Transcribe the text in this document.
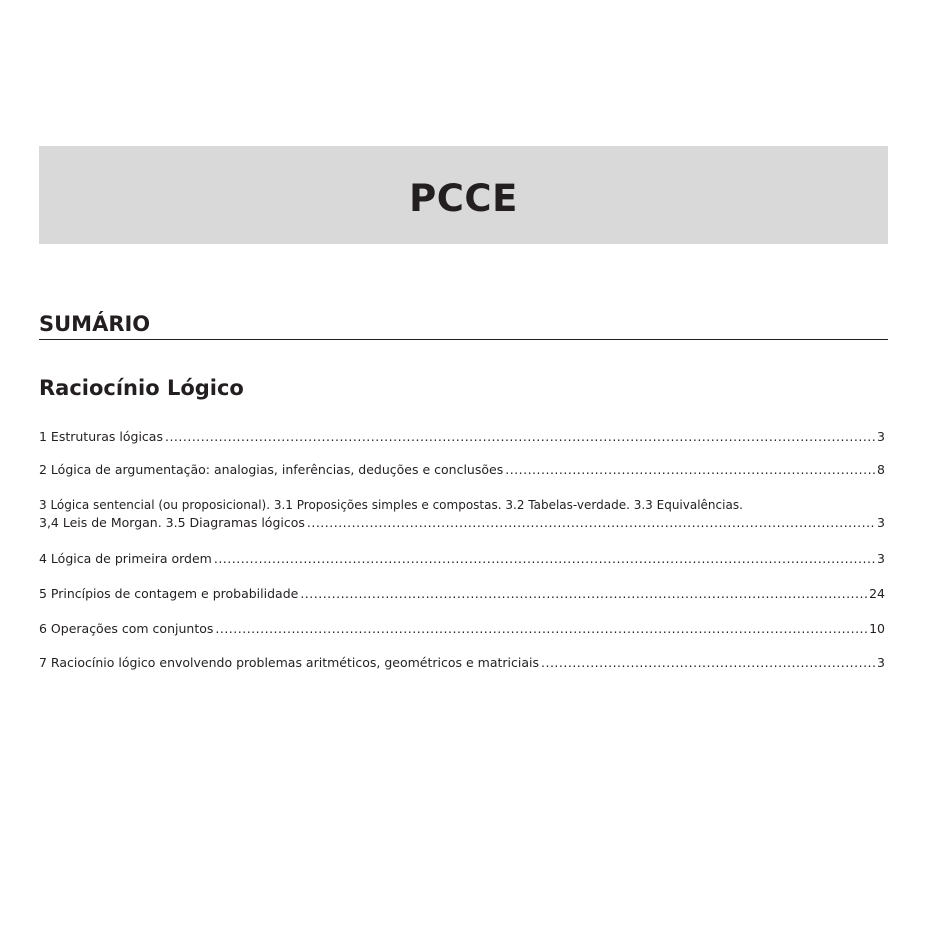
PCCE
SUMÁRIO
Raciocínio Lógico
1 Estruturas lógicas .....	3
2 Lógica de argumentação: analogias, inferências, deduções e conclusões .....	8
3 Lógica sentencial (ou proposicional). 3.1 Proposições simples e compostas. 3.2 Tabelas-verdade. 3.3 Equivalências.
3,4 Leis de Morgan. 3.5 Diagramas lógicos .....	3
4 Lógica de primeira ordem .....	3
5 Princípios de contagem e probabilidade .....	24
6 Operações com conjuntos .....	10
7 Raciocínio lógico envolvendo problemas aritméticos, geométricos e matriciais .....	3
